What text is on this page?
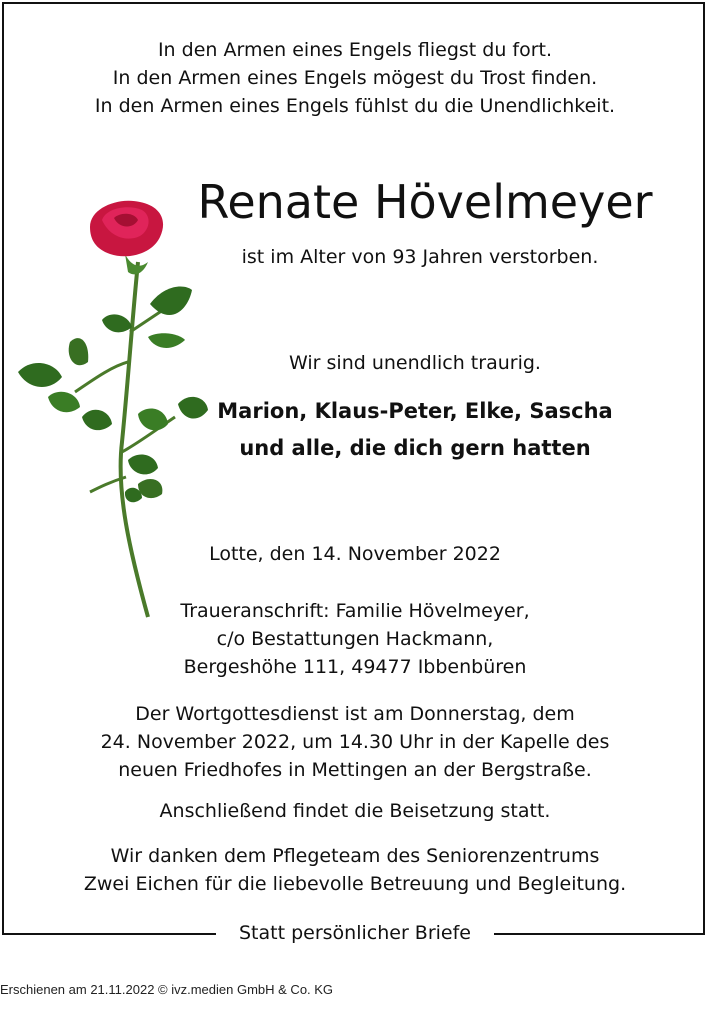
In den Armen eines Engels fliegst du fort.
In den Armen eines Engels mögest du Trost finden.
In den Armen eines Engels fühlst du die Unendlichkeit.
Renate Hövelmeyer
ist im Alter von 93 Jahren verstorben.
Wir sind unendlich traurig.
Marion, Klaus-Peter, Elke, Sascha
und alle, die dich gern hatten
Lotte, den 14. November 2022
Traueranschrift: Familie Hövelmeyer,
c/o Bestattungen Hackmann,
Bergeshöhe 111, 49477 Ibbenbüren
Der Wortgottesdienst ist am Donnerstag, dem
24. November 2022, um 14.30 Uhr in der Kapelle des
neuen Friedhofes in Mettingen an der Bergstraße.
Anschließend findet die Beisetzung statt.
Wir danken dem Pflegeteam des Seniorenzentrums
Zwei Eichen für die liebevolle Betreuung und Begleitung.
Statt persönlicher Briefe
Erschienen am 21.11.2022 © ivz.medien GmbH & Co. KG
